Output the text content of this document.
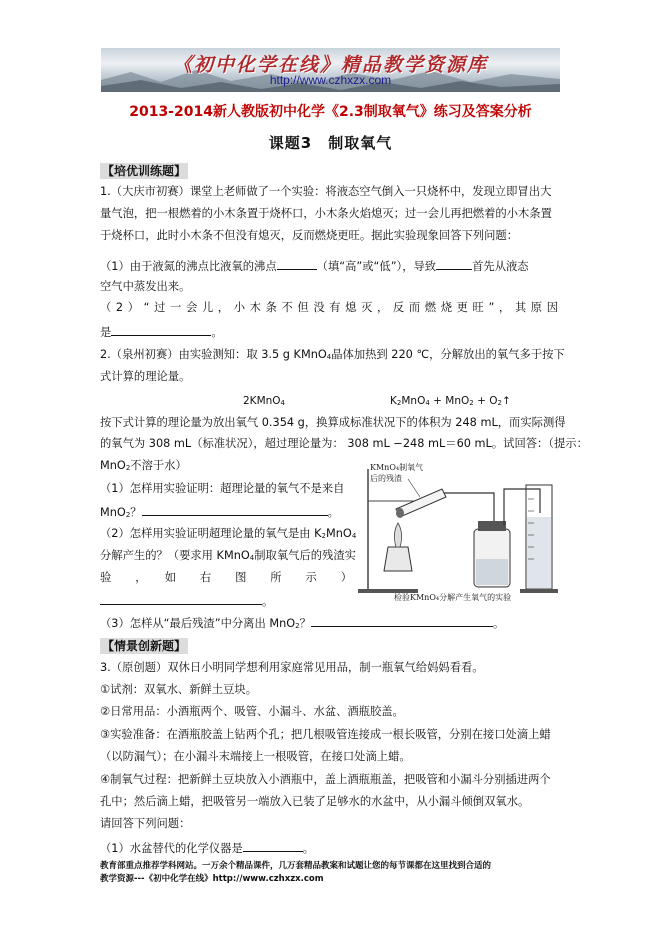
《初中化学在线》精品教学资源库
http://www.czhxzx.com
2013-2014新人教版初中化学《2.3制取氧气》练习及答案分析
课题3　制取氧气
【培优训练题】
1.（大庆市初赛）课堂上老师做了一个实验：将液态空气倒入一只烧杯中，发现立即冒出大
量气泡，把一根燃着的小木条置于烧杯口，小木条火焰熄灭；过一会儿再把燃着的小木条置
于烧杯口，此时小木条不但没有熄灭，反而燃烧更旺。据此实验现象回答下列问题：
（1）由于液氮的沸点比液氧的沸点	（填“高”或“低”），导致	首先从液态
空气中蒸发出来。
（2）“过一会儿，小木条不但没有熄灭，反而燃烧更旺”，其原因
是	。
2.（泉州初赛）由实验测知：取 3.5 g KMnO$_4$晶体加热到 220 ℃，分解放出的氧气多于按下
式计算的理论量。
2KMnO$_4$	$K_2MnO_4 + MnO_2$ + $O_2↑$
按下式计算的理论量为放出氧气 0.354 g，换算成标准状况下的体积为 248 mL，而实际测得
的氧气为 308 mL（标准状况），超过理论量为： 308 mL −248 mL＝60 mL。试回答：（提示：
MnO$_2$不溶于水）
（1）怎样用实验证明：超理论量的氧气不是来自
MnO$_2$？	。
（2）怎样用实验证明超理论量的氧气是由 $K_2MnO_4$
分解产生的？（要求用 KMnO$_4$制取氧气后的残渣实
验　，　如　右　图　所　示　）
。
（3）怎样从“最后残渣”中分离出 MnO$_2$？	。
KMnO₄制氧气
后的残渣
检验KMnO₄分解产生氧气的实验
【情景创新题】
3.（原创题）双休日小明同学想利用家庭常见用品，制一瓶氧气给妈妈看看。
①试剂：双氧水、新鲜土豆块。
②日常用品：小酒瓶两个、吸管、小漏斗、水盆、酒瓶胶盖。
③实验准备：在酒瓶胶盖上钻两个孔；把几根吸管连接成一根长吸管，分别在接口处滴上蜡
（以防漏气）；在小漏斗末端接上一根吸管，在接口处滴上蜡。
④制氧气过程：把新鲜土豆块放入小酒瓶中，盖上酒瓶瓶盖，把吸管和小漏斗分别插进两个
孔中；然后滴上蜡，把吸管另一端放入已装了足够水的水盆中，从小漏斗倾倒双氧水。
请回答下列问题：
（1）水盆替代的化学仪器是	。
教育部重点推荐学科网站。一万余个精品课件，几万套精品教案和试题让您的每节课都在这里找到合适的
教学资源---《初中化学在线》http://www.czhxzx.com
